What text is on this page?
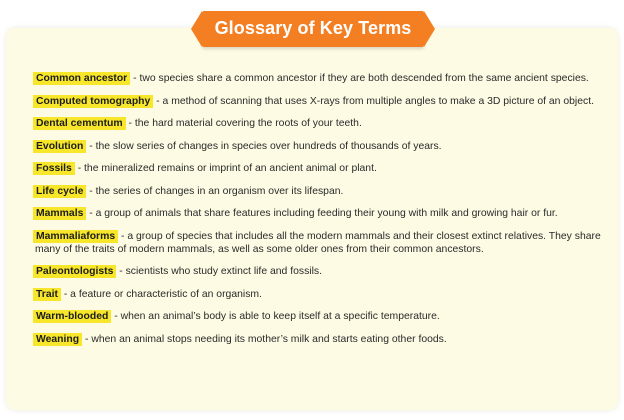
Glossary of Key Terms
Common ancestor - two species share a common ancestor if they are both descended from the same ancient species.
Computed tomography - a method of scanning that uses X-rays from multiple angles to make a 3D picture of an object.
Dental cementum - the hard material covering the roots of your teeth.
Evolution - the slow series of changes in species over hundreds of thousands of years.
Fossils - the mineralized remains or imprint of an ancient animal or plant.
Life cycle - the series of changes in an organism over its lifespan.
Mammals - a group of animals that share features including feeding their young with milk and growing hair or fur.
Mammaliaforms - a group of species that includes all the modern mammals and their closest extinct relatives. They share many of the traits of modern mammals, as well as some older ones from their common ancestors.
Paleontologists - scientists who study extinct life and fossils.
Trait - a feature or characteristic of an organism.
Warm-blooded - when an animal’s body is able to keep itself at a specific temperature.
Weaning - when an animal stops needing its mother’s milk and starts eating other foods.
